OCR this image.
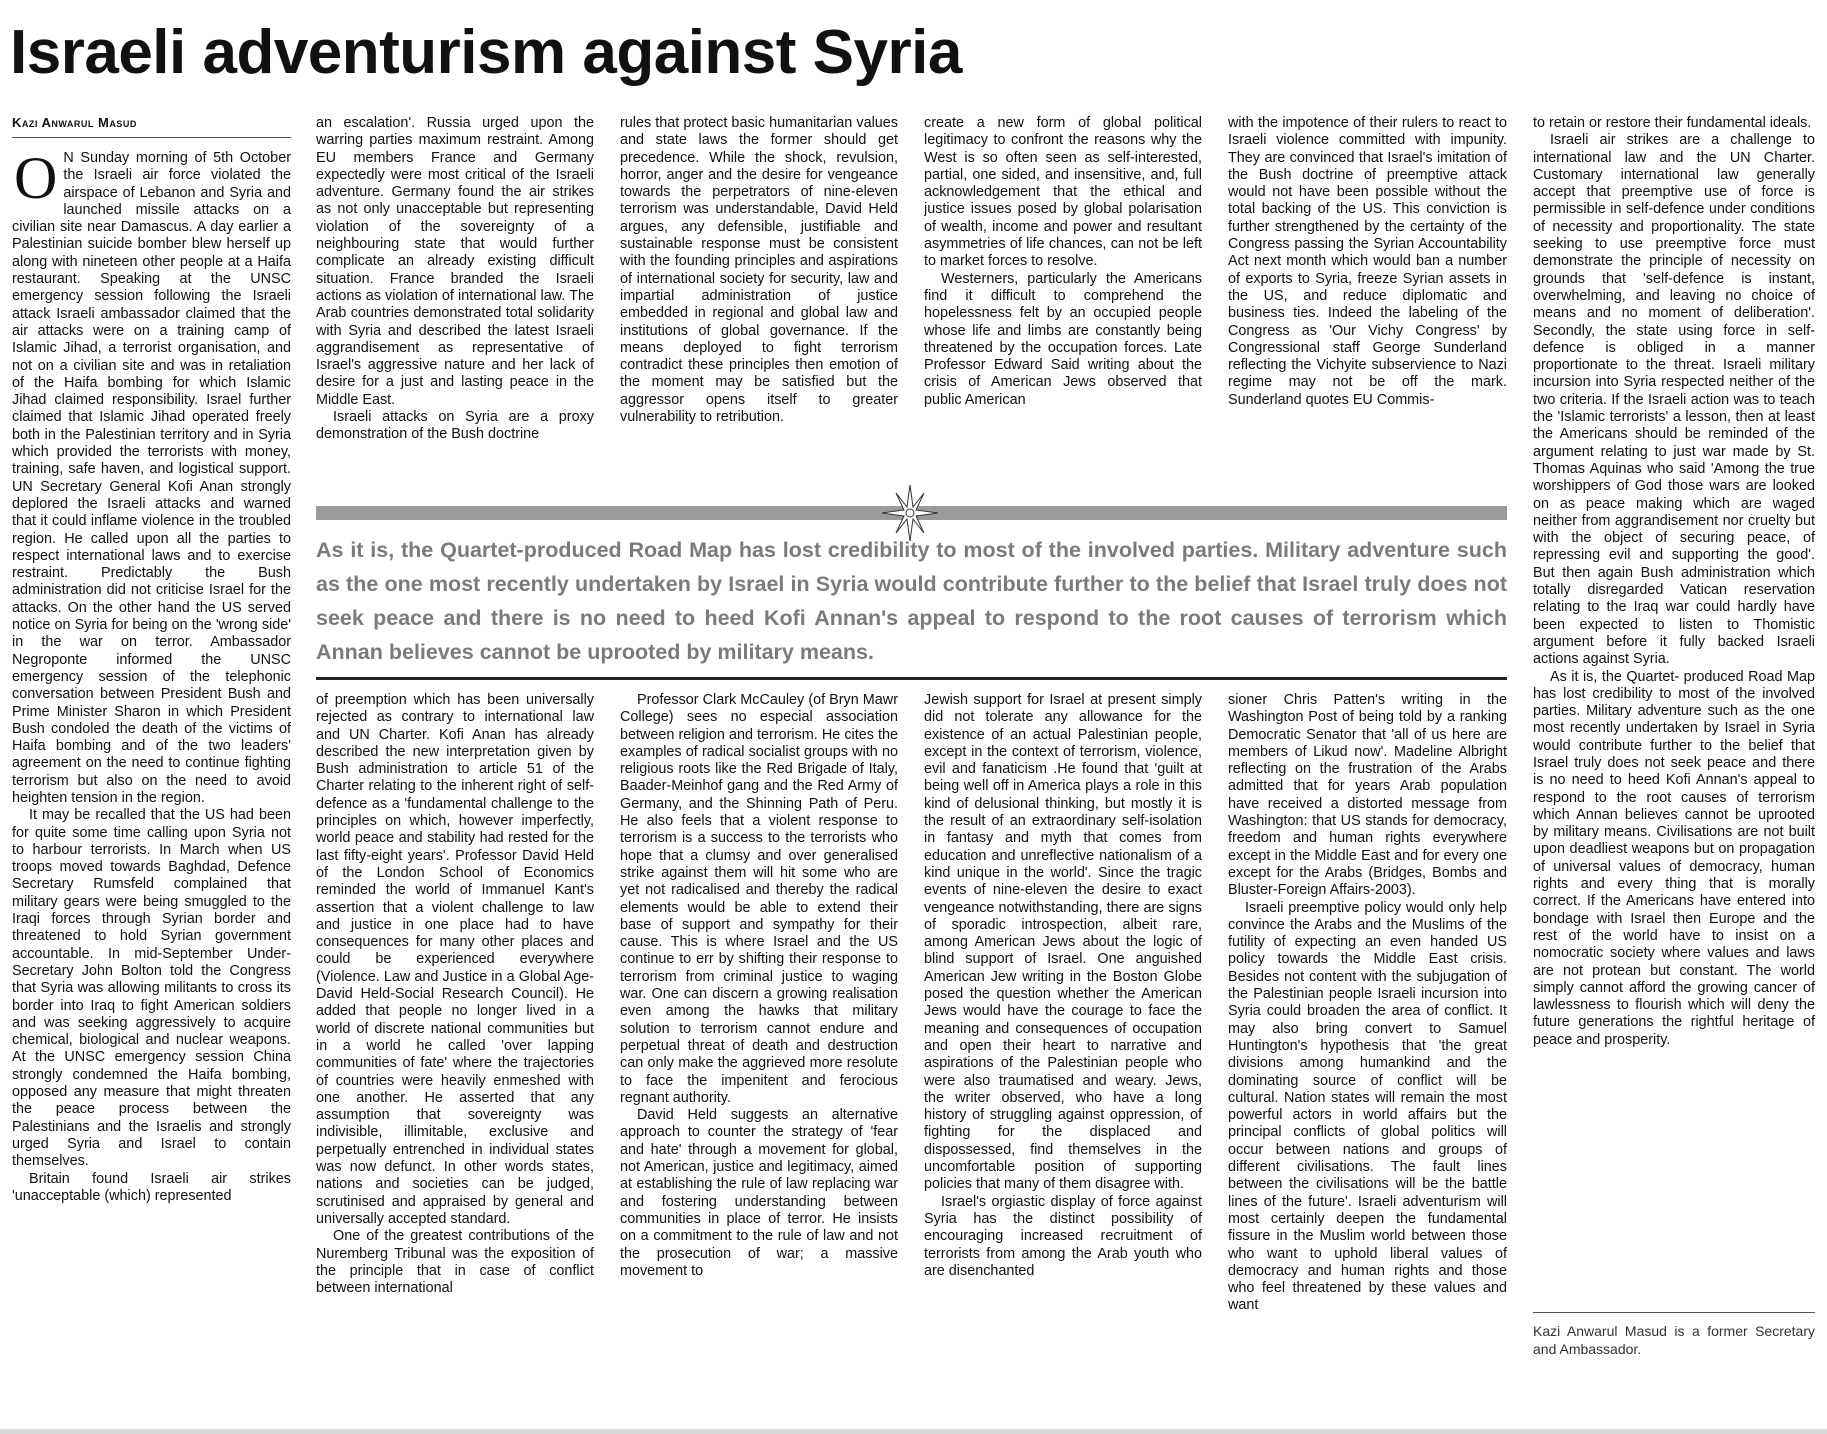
Israeli adventurism against Syria
Kazi Anwarul Masud

O N Sunday morning of 5th October the Israeli air force violated the airspace of Lebanon and Syria and launched missile attacks on a civilian site near Damascus. A day earlier a Palestinian suicide bomber blew herself up along with nineteen other people at a Haifa restaurant. Speaking at the UNSC emergency session following the Israeli attack Israeli ambassador claimed that the air attacks were on a training camp of Islamic Jihad, a terrorist organisation, and not on a civilian site and was in retaliation of the Haifa bombing for which Islamic Jihad claimed responsibility. Israel further claimed that Islamic Jihad operated freely both in the Palestinian territory and in Syria which provided the terrorists with money, training, safe haven, and logistical support. UN Secretary General Kofi Anan strongly deplored the Israeli attacks and warned that it could inflame violence in the troubled region. He called upon all the parties to respect international laws and to exercise restraint. Predictably the Bush administration did not criticise Israel for the attacks. On the other hand the US served notice on Syria for being on the 'wrong side' in the war on terror. Ambassador Negroponte informed the UNSC emergency session of the telephonic conversation between President Bush and Prime Minister Sharon in which President Bush condoled the death of the victims of Haifa bombing and of the two leaders' agreement on the need to continue fighting terrorism but also on the need to avoid heighten tension in the region.

It may be recalled that the US had been for quite some time calling upon Syria not to harbour terrorists. In March when US troops moved towards Baghdad, Defence Secretary Rumsfeld complained that military gears were being smuggled to the Iraqi forces through Syrian border and threatened to hold Syrian government accountable. In mid-September Under-Secretary John Bolton told the Congress that Syria was allowing militants to cross its border into Iraq to fight American soldiers and was seeking aggressively to acquire chemical, biological and nuclear weapons. At the UNSC emergency session China strongly condemned the Haifa bombing, opposed any measure that might threaten the peace process between the Palestinians and the Israelis and strongly urged Syria and Israel to contain themselves.

Britain found Israeli air strikes 'unacceptable (which) represented

an escalation'. Russia urged upon the warring parties maximum restraint. Among EU members France and Germany expectedly were most critical of the Israeli adventure. Germany found the air strikes as not only unacceptable but representing violation of the sovereignty of a neighbouring state that would further complicate an already existing difficult situation. France branded the Israeli actions as violation of international law. The Arab countries demonstrated total solidarity with Syria and described the latest Israeli aggrandisement as representative of Israel's aggressive nature and her lack of desire for a just and lasting peace in the Middle East.

Israeli attacks on Syria are a proxy demonstration of the Bush doctrine

rules that protect basic humanitarian values and state laws the former should get precedence. While the shock, revulsion, horror, anger and the desire for vengeance towards the perpetrators of nine-eleven terrorism was understandable, David Held argues, any defensible, justifiable and sustainable response must be consistent with the founding principles and aspirations of international society for security, law and impartial administration of justice embedded in regional and global law and institutions of global governance. If the means deployed to fight terrorism contradict these principles then emotion of the moment may be satisfied but the aggressor opens itself to greater vulnerability to retribution.

create a new form of global political legitimacy to confront the reasons why the West is so often seen as self-interested, partial, one sided, and insensitive, and, full acknowledgement that the ethical and justice issues posed by global polarisation of wealth, income and power and resultant asymmetries of life chances, can not be left to market forces to resolve.

Westerners, particularly the Americans find it difficult to comprehend the hopelessness felt by an occupied people whose life and limbs are constantly being threatened by the occupation forces. Late Professor Edward Said writing about the crisis of American Jews observed that public American

with the impotence of their rulers to react to Israeli violence committed with impunity. They are convinced that Israel's imitation of the Bush doctrine of preemptive attack would not have been possible without the total backing of the US. This conviction is further strengthened by the certainty of the Congress passing the Syrian Accountability Act next month which would ban a number of exports to Syria, freeze Syrian assets in the US, and reduce diplomatic and business ties. Indeed the labeling of the Congress as 'Our Vichy Congress' by Congressional staff George Sunderland reflecting the Vichyite subservience to Nazi regime may not be off the mark. Sunderland quotes EU Commis-

to retain or restore their fundamental ideals.

Israeli air strikes are a challenge to international law and the UN Charter. Customary international law generally accept that preemptive use of force is permissible in self-defence under conditions of necessity and proportionality. The state seeking to use preemptive force must demonstrate the principle of necessity on grounds that 'self-defence is instant, overwhelming, and leaving no choice of means and no moment of deliberation'. Secondly, the state using force in self-defence is obliged in a manner proportionate to the threat. Israeli military incursion into Syria respected neither of the two criteria. If the Israeli action was to teach the 'Islamic terrorists' a lesson, then at least the Americans should be reminded of the argument relating to just war made by St. Thomas Aquinas who said 'Among the true worshippers of God those wars are looked on as peace making which are waged neither from aggrandisement nor cruelty but with the object of securing peace, of repressing evil and supporting the good'. But then again Bush administration which totally disregarded Vatican reservation relating to the Iraq war could hardly have been expected to listen to Thomistic argument before it fully backed Israeli actions against Syria.

As it is, the Quartet- produced Road Map has lost credibility to most of the involved parties. Military adventure such as the one most recently undertaken by Israel in Syria would contribute further to the belief that Israel truly does not seek peace and there is no need to heed Kofi Annan's appeal to respond to the root causes of terrorism which Annan believes cannot be uprooted by military means. Civilisations are not built upon deadliest weapons but on propagation of universal values of democracy, human rights and every thing that is morally correct. If the Americans have entered into bondage with Israel then Europe and the rest of the world have to insist on a nomocratic society where values and laws are not protean but constant. The world simply cannot afford the growing cancer of lawlessness to flourish which will deny the future generations the rightful heritage of peace and prosperity.

As it is, the Quartet-produced Road Map has lost credibility to most of the involved parties. Military adventure such as the one most recently undertaken by Israel in Syria would contribute further to the belief that Israel truly does not seek peace and there is no need to heed Kofi Annan's appeal to respond to the root causes of terrorism which Annan believes cannot be uprooted by military means.

of preemption which has been universally rejected as contrary to international law and UN Charter. Kofi Anan has already described the new interpretation given by Bush administration to article 51 of the Charter relating to the inherent right of self-defence as a 'fundamental challenge to the principles on which, however imperfectly, world peace and stability had rested for the last fifty-eight years'. Professor David Held of the London School of Economics reminded the world of Immanuel Kant's assertion that a violent challenge to law and justice in one place had to have consequences for many other places and could be experienced everywhere (Violence. Law and Justice in a Global Age-David Held-Social Research Council). He added that people no longer lived in a world of discrete national communities but in a world he called 'over lapping communities of fate' where the trajectories of countries were heavily enmeshed with one another. He asserted that any assumption that sovereignty was indivisible, illimitable, exclusive and perpetually entrenched in individual states was now defunct. In other words states, nations and societies can be judged, scrutinised and appraised by general and universally accepted standard.

One of the greatest contributions of the Nuremberg Tribunal was the exposition of the principle that in case of conflict between international

Professor Clark McCauley (of Bryn Mawr College) sees no especial association between religion and terrorism. He cites the examples of radical socialist groups with no religious roots like the Red Brigade of Italy, Baader-Meinhof gang and the Red Army of Germany, and the Shinning Path of Peru. He also feels that a violent response to terrorism is a success to the terrorists who hope that a clumsy and over generalised strike against them will hit some who are yet not radicalised and thereby the radical elements would be able to extend their base of support and sympathy for their cause. This is where Israel and the US continue to err by shifting their response to terrorism from criminal justice to waging war. One can discern a growing realisation even among the hawks that military solution to terrorism cannot endure and perpetual threat of death and destruction can only make the aggrieved more resolute to face the impenitent and ferocious regnant authority.

David Held suggests an alternative approach to counter the strategy of 'fear and hate' through a movement for global, not American, justice and legitimacy, aimed at establishing the rule of law replacing war and fostering understanding between communities in place of terror. He insists on a commitment to the rule of law and not the prosecution of war; a massive movement to

Jewish support for Israel at present simply did not tolerate any allowance for the existence of an actual Palestinian people, except in the context of terrorism, violence, evil and fanaticism .He found that 'guilt at being well off in America plays a role in this kind of delusional thinking, but mostly it is the result of an extraordinary self-isolation in fantasy and myth that comes from education and unreflective nationalism of a kind unique in the world'. Since the tragic events of nine-eleven the desire to exact vengeance notwithstanding, there are signs of sporadic introspection, albeit rare, among American Jews about the logic of blind support of Israel. One anguished American Jew writing in the Boston Globe posed the question whether the American Jews would have the courage to face the meaning and consequences of occupation and open their heart to narrative and aspirations of the Palestinian people who were also traumatised and weary. Jews, the writer observed, who have a long history of struggling against oppression, of fighting for the displaced and dispossessed, find themselves in the uncomfortable position of supporting policies that many of them disagree with.

Israel's orgiastic display of force against Syria has the distinct possibility of encouraging increased recruitment of terrorists from among the Arab youth who are disenchanted

sioner Chris Patten's writing in the Washington Post of being told by a ranking Democratic Senator that 'all of us here are members of Likud now'. Madeline Albright reflecting on the frustration of the Arabs admitted that for years Arab population have received a distorted message from Washington: that US stands for democracy, freedom and human rights everywhere except in the Middle East and for every one except for the Arabs (Bridges, Bombs and Bluster-Foreign Affairs-2003).

Israeli preemptive policy would only help convince the Arabs and the Muslims of the futility of expecting an even handed US policy towards the Middle East crisis. Besides not content with the subjugation of the Palestinian people Israeli incursion into Syria could broaden the area of conflict. It may also bring convert to Samuel Huntington's hypothesis that 'the great divisions among humankind and the dominating source of conflict will be cultural. Nation states will remain the most powerful actors in world affairs but the principal conflicts of global politics will occur between nations and groups of different civilisations. The fault lines between the civilisations will be the battle lines of the future'. Israeli adventurism will most certainly deepen the fundamental fissure in the Muslim world between those who want to uphold liberal values of democracy and human rights and those who feel threatened by these values and want

Kazi Anwarul Masud is a former Secretary and Ambassador.
